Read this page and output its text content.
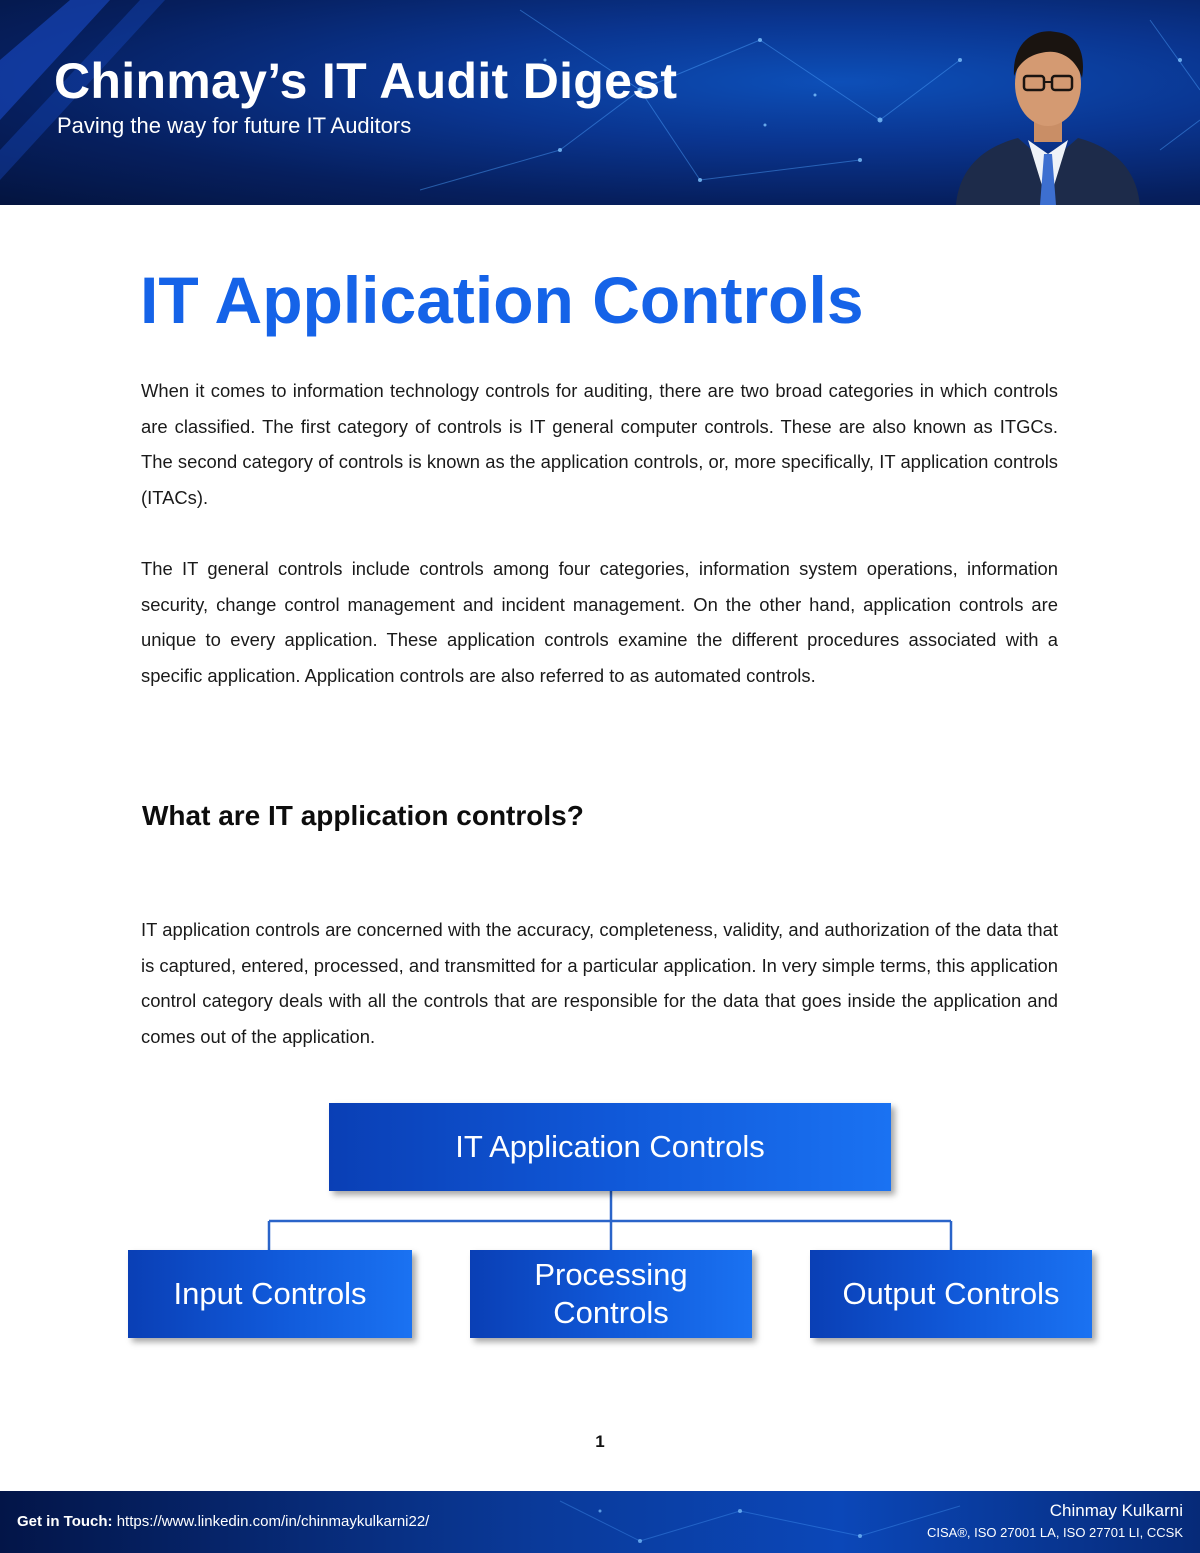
Chinmay’s IT Audit Digest
Paving the way for future IT Auditors
IT Application Controls

When it comes to information technology controls for auditing, there are two broad categories in which controls are classified. The first category of controls is IT general computer controls. These are also known as ITGCs. The second category of controls is known as the application controls, or, more specifically, IT application controls (ITACs).

The IT general controls include controls among four categories, information system operations, information security, change control management and incident management. On the other hand, application controls are unique to every application. These application controls examine the different procedures associated with a specific application. Application controls are also referred to as automated controls.

What are IT application controls?

IT application controls are concerned with the accuracy, completeness, validity, and authorization of the data that is captured, entered, processed, and transmitted for a particular application. In very simple terms, this application control category deals with all the controls that are responsible for the data that goes inside the application and comes out of the application.

IT Application Controls
Input Controls
Processing Controls
Output Controls
1
Get in Touch: https://www.linkedin.com/in/chinmaykulkarni22/
Chinmay Kulkarni
CISA®, ISO 27001 LA, ISO 27701 LI, CCSK
